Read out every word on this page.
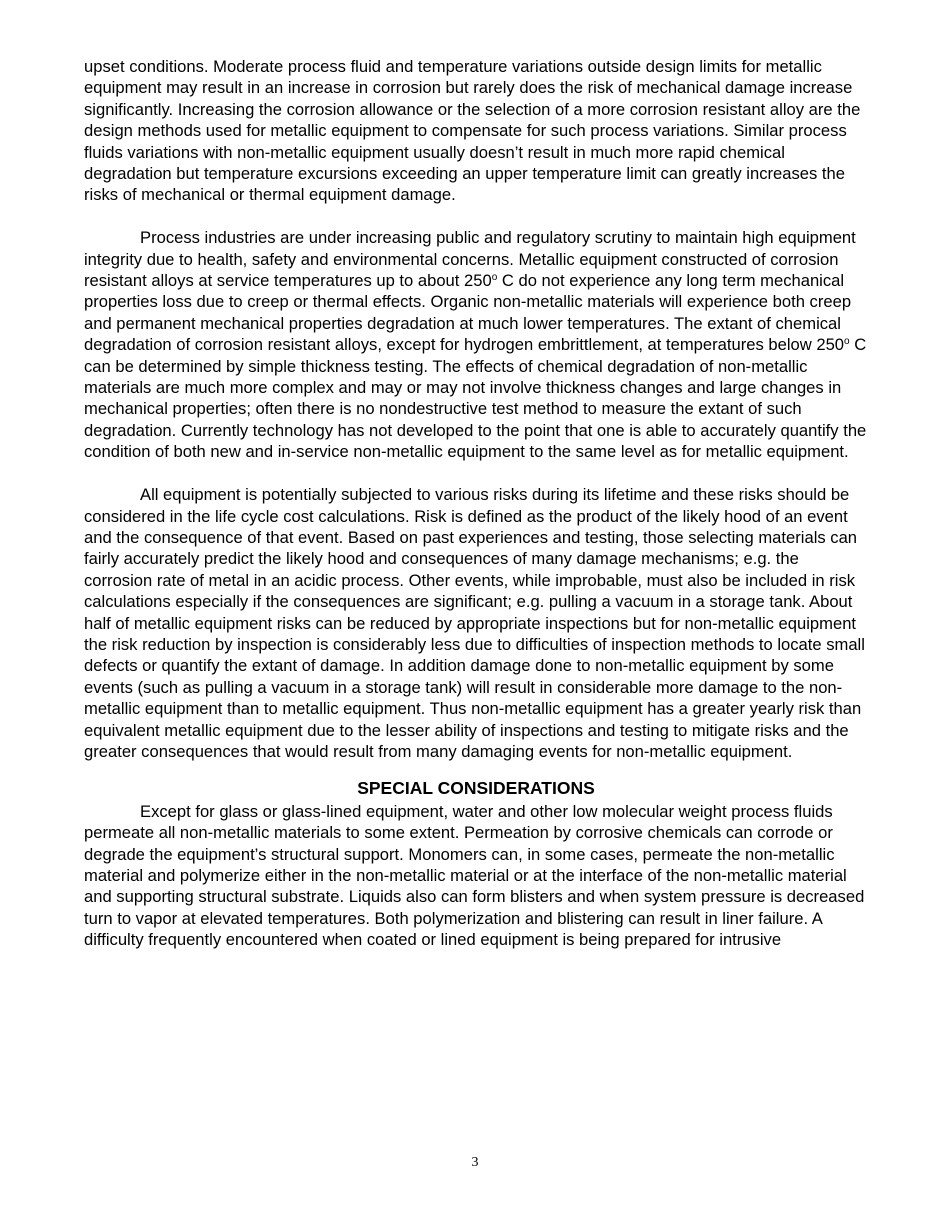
upset conditions. Moderate process fluid and temperature variations outside design limits for metallic equipment may result in an increase in corrosion but rarely does the risk of mechanical damage increase significantly. Increasing the corrosion allowance or the selection of a more corrosion resistant alloy are the design methods used for metallic equipment to compensate for such process variations. Similar process fluids variations with non-metallic equipment usually doesn’t result in much more rapid chemical degradation but temperature excursions exceeding an upper temperature limit can greatly increases the risks of mechanical or thermal equipment damage.

Process industries are under increasing public and regulatory scrutiny to maintain high equipment integrity due to health, safety and environmental concerns. Metallic equipment constructed of corrosion resistant alloys at service temperatures up to about 250$^o$ C do not experience any long term mechanical properties loss due to creep or thermal effects. Organic non-metallic materials will experience both creep and permanent mechanical properties degradation at much lower temperatures. The extant of chemical degradation of corrosion resistant alloys, except for hydrogen embrittlement, at temperatures below 250$^o$ C can be determined by simple thickness testing. The effects of chemical degradation of non-metallic materials are much more complex and may or may not involve thickness changes and large changes in mechanical properties; often there is no nondestructive test method to measure the extant of such degradation. Currently technology has not developed to the point that one is able to accurately quantify the condition of both new and in-service non-metallic equipment to the same level as for metallic equipment.

All equipment is potentially subjected to various risks during its lifetime and these risks should be considered in the life cycle cost calculations. Risk is defined as the product of the likely hood of an event and the consequence of that event. Based on past experiences and testing, those selecting materials can fairly accurately predict the likely hood and consequences of many damage mechanisms; e.g. the corrosion rate of metal in an acidic process. Other events, while improbable, must also be included in risk calculations especially if the consequences are significant; e.g. pulling a vacuum in a storage tank. About half of metallic equipment risks can be reduced by appropriate inspections but for non-metallic equipment the risk reduction by inspection is considerably less due to difficulties of inspection methods to locate small defects or quantify the extant of damage. In addition damage done to non-metallic equipment by some events (such as pulling a vacuum in a storage tank) will result in considerable more damage to the non-metallic equipment than to metallic equipment. Thus non-metallic equipment has a greater yearly risk than equivalent metallic equipment due to the lesser ability of inspections and testing to mitigate risks and the greater consequences that would result from many damaging events for non-metallic equipment.

SPECIAL CONSIDERATIONS

Except for glass or glass-lined equipment, water and other low molecular weight process fluids permeate all non-metallic materials to some extent. Permeation by corrosive chemicals can corrode or degrade the equipment’s structural support. Monomers can, in some cases, permeate the non-metallic material and polymerize either in the non-metallic material or at the interface of the non-metallic material and supporting structural substrate. Liquids also can form blisters and when system pressure is decreased turn to vapor at elevated temperatures. Both polymerization and blistering can result in liner failure. A difficulty frequently encountered when coated or lined equipment is being prepared for intrusive

3
